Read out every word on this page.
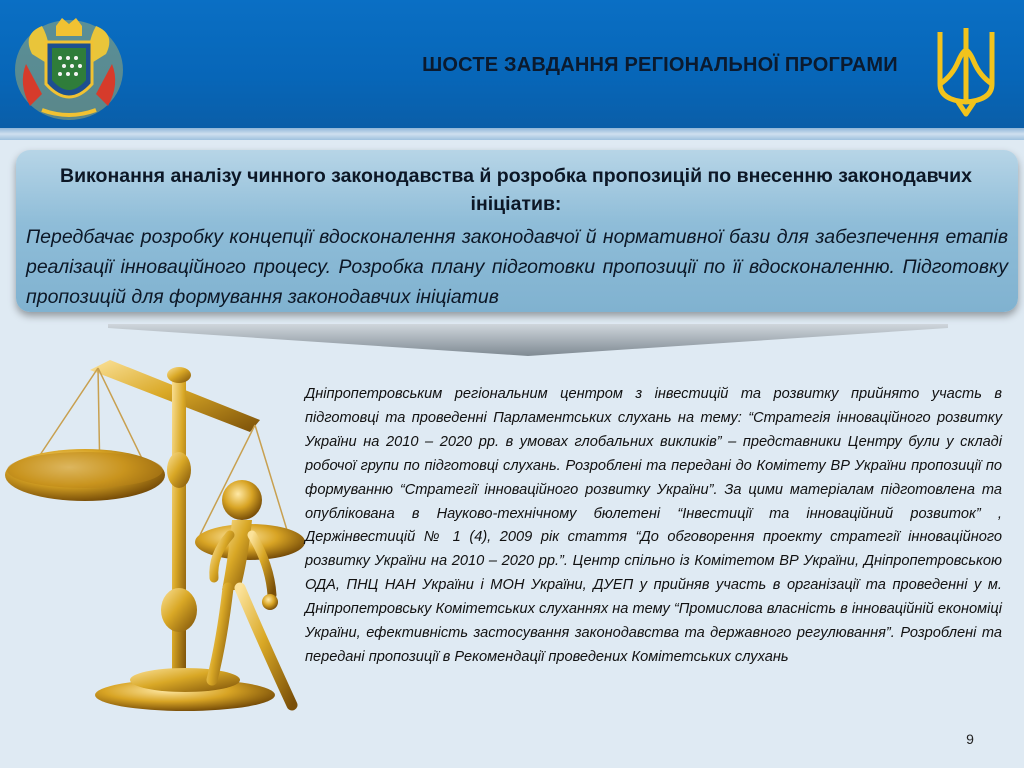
ШОСТЕ ЗАВДАННЯ РЕГІОНАЛЬНОЇ ПРОГРАМИ
Виконання аналізу чинного законодавства й розробка пропозицій по внесенню законодавчих ініціатив:
Передбачає розробку концепції вдосконалення законодавчої й нормативної бази для забезпечення етапів реалізації інноваційного процесу. Розробка плану підготовки пропозиції по її вдосконаленню. Підготовку пропозицій для формування законодавчих ініціатив
Дніпропетровським регіональним центром з інвестицій та розвитку прийнято участь в підготовці та проведенні Парламентських слухань на тему: “Стратегія інноваційного розвитку України на 2010 – 2020 рр. в умовах глобальних викликів” – представники Центру були у складі робочої групи по підготовці слухань. Розроблені та передані до Комітету ВР України пропозиції по формуванню “Стратегії інноваційного розвитку України”. За цими матеріалам підготовлена та опублікована в Науково-технічному бюлетені “Інвестиції та інноваційний розвиток” , Держінвестицій № 1 (4), 2009 рік стаття “До обговорення проекту стратегії інноваційного розвитку України на 2010 – 2020 рр.”. Центр спільно із Комітетом ВР України, Дніпропетровською ОДА, ПНЦ НАН України і МОН України, ДУЕП у прийняв участь в організації та проведенні у м. Дніпропетровську Комітетських слуханнях на тему “Промислова власність в інноваційній економіці України, ефективність застосування законодавства та державного регулювання”. Розроблені та передані пропозиції в Рекомендації проведених Комітетських слухань
9
